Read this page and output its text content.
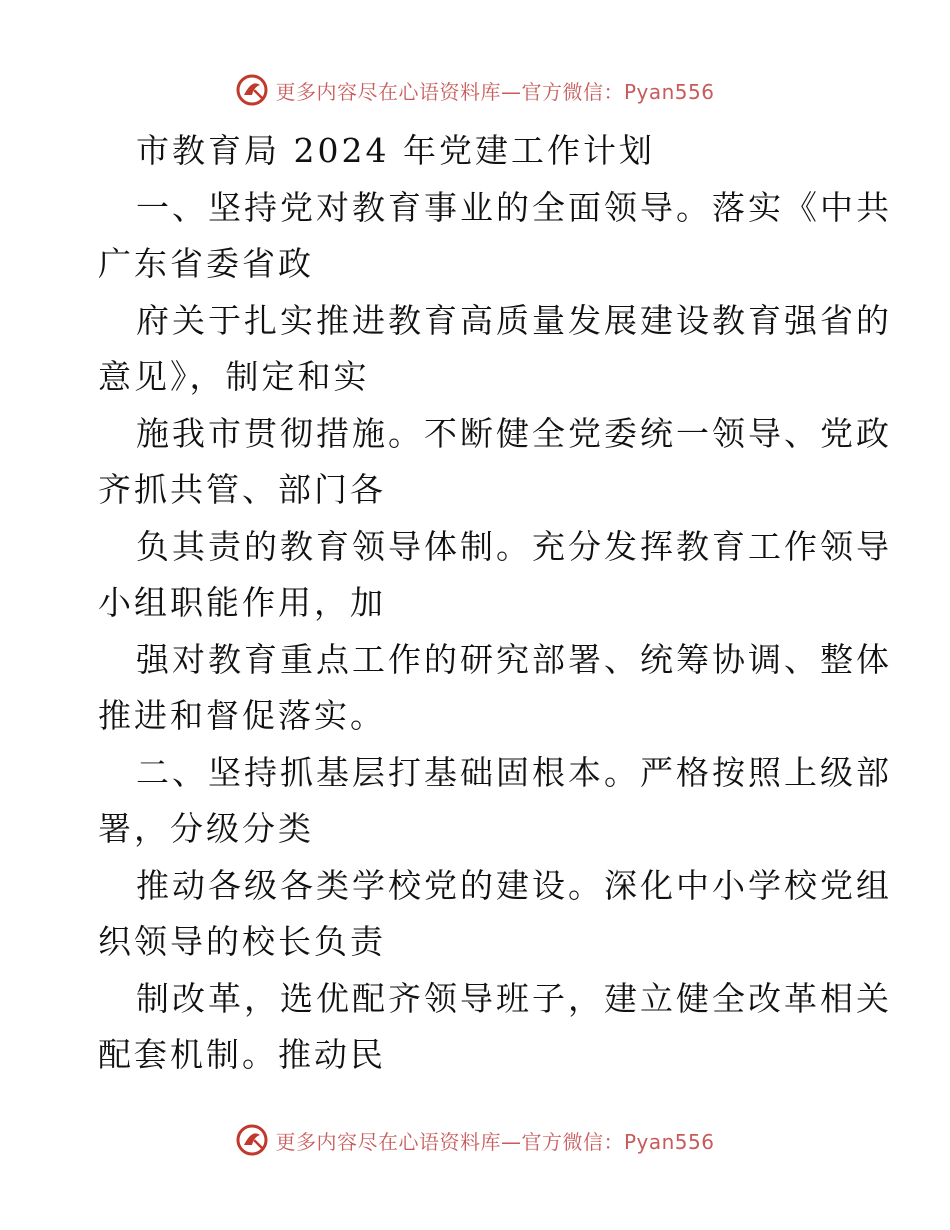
更多内容尽在心语资料库—官方微信：Pyan556
市教育局 2024 年党建工作计划
一、坚持党对教育事业的全面领导。落实《中共
广东省委省政
府关于扎实推进教育高质量发展建设教育强省的
意见》，制定和实
施我市贯彻措施。不断健全党委统一领导、党政
齐抓共管、部门各
负其责的教育领导体制。充分发挥教育工作领导
小组职能作用，加
强对教育重点工作的研究部署、统筹协调、整体
推进和督促落实。
二、坚持抓基层打基础固根本。严格按照上级部
署，分级分类
推动各级各类学校党的建设。深化中小学校党组
织领导的校长负责
制改革，选优配齐领导班子，建立健全改革相关
配套机制。推动民
更多内容尽在心语资料库—官方微信：Pyan556
